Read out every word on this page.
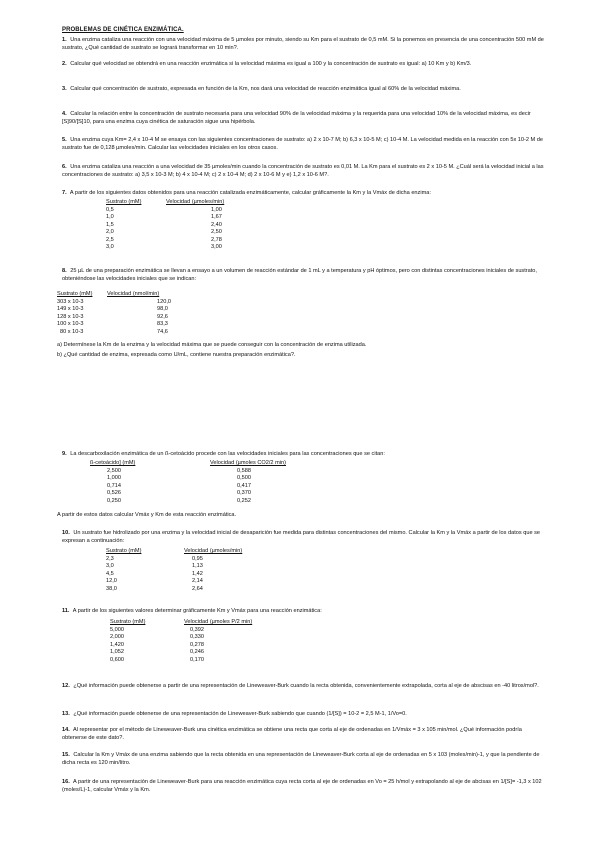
PROBLEMAS DE CINÉTICA ENZIMÁTICA.
1. Una enzima cataliza una reacción con una velocidad máxima de 5 µmoles por minuto, siendo su Km para el sustrato de 0,5 mM. Si la ponemos en presencia de una concentración 500 mM de sustrato, ¿Qué cantidad de sustrato se logrará transformar en 10 min?.
2. Calcular qué velocidad se obtendrá en una reacción enzimática si la velocidad máxima es igual a 100 y la concentración de sustrato es igual: a) 10 Km y b) Km/3.
3. Calcular qué concentración de sustrato, expresada en función de la Km, nos dará una velocidad de reacción enzimática igual al 60% de la velocidad máxima.
4. Calcular la relación entre la concentración de sustrato necesaria para una velocidad 90% de la velocidad máxima y la requerida para una velocidad 10% de la velocidad máxima, es decir [S]90/[S]10, para una enzima cuya cinética de saturación sigue una hipérbola.
5. Una enzima cuya Km= 2,4 x 10-4 M se ensaya con las siguientes concentraciones de sustrato: a) 2 x 10-7 M; b) 6,3 x 10-5 M; c) 10-4 M. La velocidad medida en la reacción con 5x 10-2 M de sustrato fue de 0,128 µmoles/min. Calcular las velocidades iniciales en los otros casos.
6. Una enzima cataliza una reacción a una velocidad de 35 µmoles/min cuando la concentración de sustrato es 0,01 M. La Km para el sustrato es 2 x 10-5 M. ¿Cuál será la velocidad inicial a las concentraciones de sustrato: a) 3,5 x 10-3 M; b) 4 x 10-4 M; c) 2 x 10-4 M; d) 2 x 10-6 M y e) 1,2 x 10-6 M?.
7. A partir de los siguientes datos obtenidos para una reacción catalizada enzimáticamente, calcular gráficamente la Km y la Vmáx de dicha enzima:
Sustrato (mM)	Velocidad (µmoles/min)
0,5	1,00
1,0	1,67
1,5	2,40
2,0	2,50
2,5	2,78
3,0	3,00
8. 25 µL de una preparación enzimática se llevan a ensayo a un volumen de reacción estándar de 1 mL y a temperatura y pH óptimos, pero con distintas concentraciones iniciales de sustrato, obteniéndose las velocidades iniciales que se indican:
Sustrato (mM)	Velocidad (nmol/min)
303 x 10-3	120,0
149 x 10-3	98,0
128 x 10-3	92,6
100 x 10-3	83,3
80 x 10-3	74,6
a) Determínese la Km de la enzima y la velocidad máxima que se puede conseguir con la concentración de enzima utilizada.
b) ¿Qué cantidad de enzima, expresada como U/mL, contiene nuestra preparación enzimática?.
9. La descarboxilación enzimática de un ß-cetoácido procede con las velocidades iniciales para las concentraciones que se citan:
ß-cetoácido] (mM)	Velocidad (µmoles CO2/2 min)
2,500	0,588
1,000	0,500
0,714	0,417
0,526	0,370
0,250	0,252
A partir de estos datos calcular Vmáx y Km de esta reacción enzimática.
10. Un sustrato fue hidrolizado por una enzima y la velocidad inicial de desaparición fue medida para distintas concentraciones del mismo. Calcular la Km y la Vmáx a partir de los datos que se expresan a continuación:
Sustrato (mM)	Velocidad (µmoles/min)
2,3	0,95
3,0	1,13
4,5	1,42
12,0	2,14
38,0	2,64
11. A partir de los siguientes valores determinar gráficamente Km y Vmáx para una reacción enzimática:
Sustrato (mM)	Velocidad (µmoles P/2 min)
5,000	0,392
2,000	0,330
1,420	0,278
1,052	0,246
0,600	0,170
12. ¿Qué información puede obtenerse a partir de una representación de Lineweaver-Burk cuando la recta obtenida, convenientemente extrapolada, corta al eje de abscisas en -40 litros/mol?.
13. ¿Qué información puede obtenerse de una representación de Lineweaver-Burk sabiendo que cuando (1/[S]) = 10-2 = 2,5 M-1, 1/Vo=0.
14. Al representar por el método de Lineweaver-Burk una cinética enzimática se obtiene una recta que corta al eje de ordenadas en 1/Vmáx = 3 x 105 min/mol. ¿Qué información podría obtenerse de este dato?.
15. Calcular la Km y Vmáx de una enzima sabiendo que la recta obtenida en una representación de Lineweaver-Burk corta al eje de ordenadas en 5 x 103 (moles/min)-1, y que la pendiente de dicha recta es 120 min/litro.
16. A partir de una representación de Lineweaver-Burk para una reacción enzimática cuya recta corta al eje de ordenadas en Vo = 25 h/mol y extrapolando al eje de abcisas en 1/[S]= -1,3 x 102 (moles/L)-1, calcular Vmáx y la Km.
